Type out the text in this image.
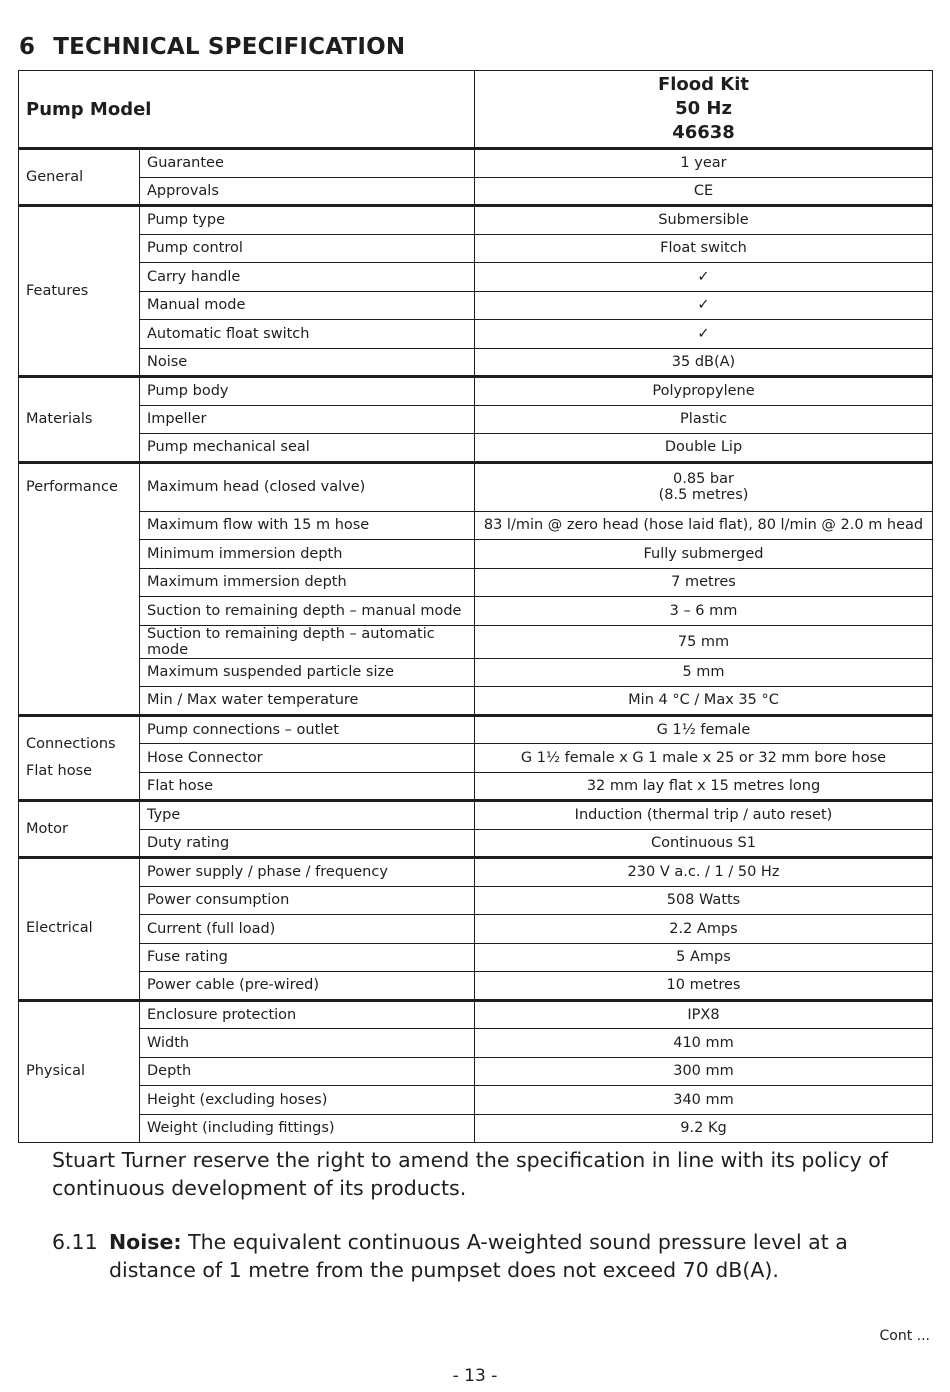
6 TECHNICAL SPECIFICATION
Pump Model		Flood Kit
50 Hz
46638

General	Guarantee	1 year

	Approvals	CE

Features	Pump type	Submersible

	Pump control	Float switch

	Carry handle	✓

	Manual mode	✓

	Automatic float switch	✓

	Noise	35 dB(A)

Materials	Pump body	Polypropylene

	Impeller	Plastic

	Pump mechanical seal	Double Lip

Performance	Maximum head (closed valve)	0.85 bar
(8.5 metres)

	Maximum flow with 15 m hose	83 l/min @ zero head (hose laid flat), 80 l/min @ 2.0 m head

	Minimum immersion depth	Fully submerged

	Maximum immersion depth	7 metres

	Suction to remaining depth – manual mode	3 – 6 mm

	Suction to remaining depth – automatic mode	75 mm

	Maximum suspended particle size	5 mm

	Min / Max water temperature	Min 4 °C / Max 35 °C

Connections
Flat hose	Pump connections – outlet	G 1½ female

	Hose Connector	G 1½ female x G 1 male x 25 or 32 mm bore hose

	Flat hose	32 mm lay flat x 15 metres long

Motor	Type	Induction (thermal trip / auto reset)

	Duty rating	Continuous S1

Electrical	Power supply / phase / frequency	230 V a.c. / 1 / 50 Hz

	Power consumption	508 Watts

	Current (full load)	2.2 Amps

	Fuse rating	5 Amps

	Power cable (pre-wired)	10 metres

Physical	Enclosure protection	IPX8

	Width	410 mm

	Depth	300 mm

	Height (excluding hoses)	340 mm

	Weight (including fittings)	9.2 Kg

Stuart Turner reserve the right to amend the specification in line with its policy of continuous development of its products.

6.11 Noise: The equivalent continuous A-weighted sound pressure level at a distance of 1 metre from the pumpset does not exceed 70 dB(A).
Cont ...
- 13 -
